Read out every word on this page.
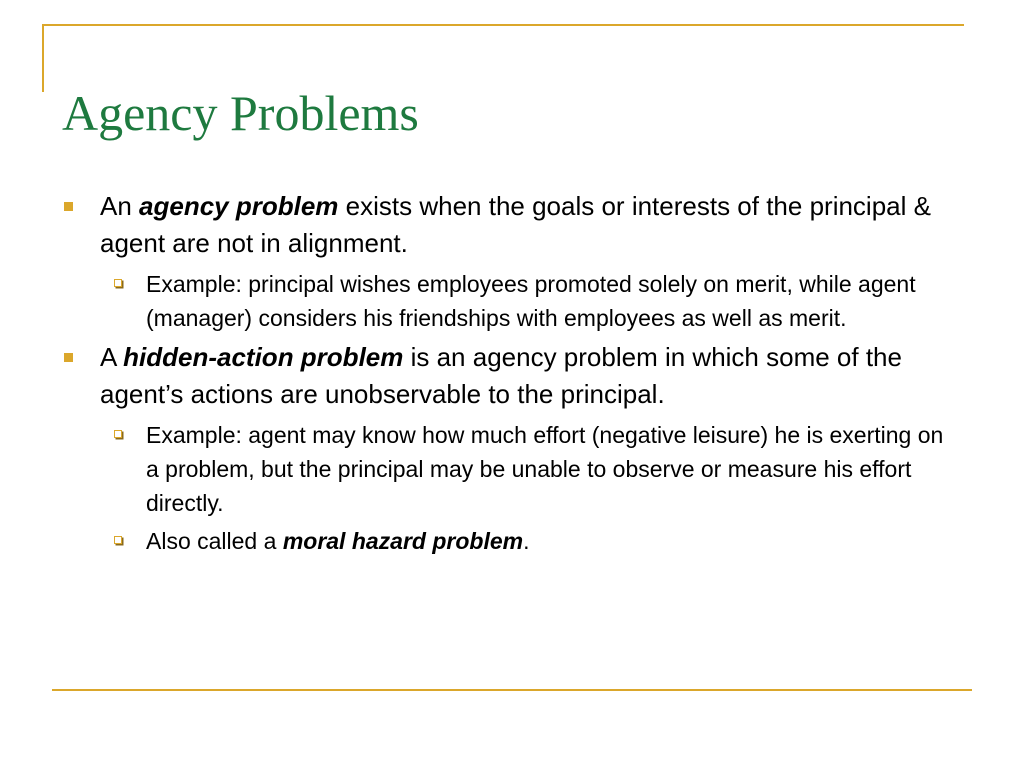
Agency Problems
An agency problem exists when the goals or interests of the principal & agent are not in alignment.
Example: principal wishes employees promoted solely on merit, while agent (manager) considers his friendships with employees as well as merit.
A hidden-action problem is an agency problem in which some of the agent’s actions are unobservable to the principal.
Example: agent may know how much effort (negative leisure) he is exerting on a problem, but the principal may be unable to observe or measure his effort directly.
Also called a moral hazard problem.
